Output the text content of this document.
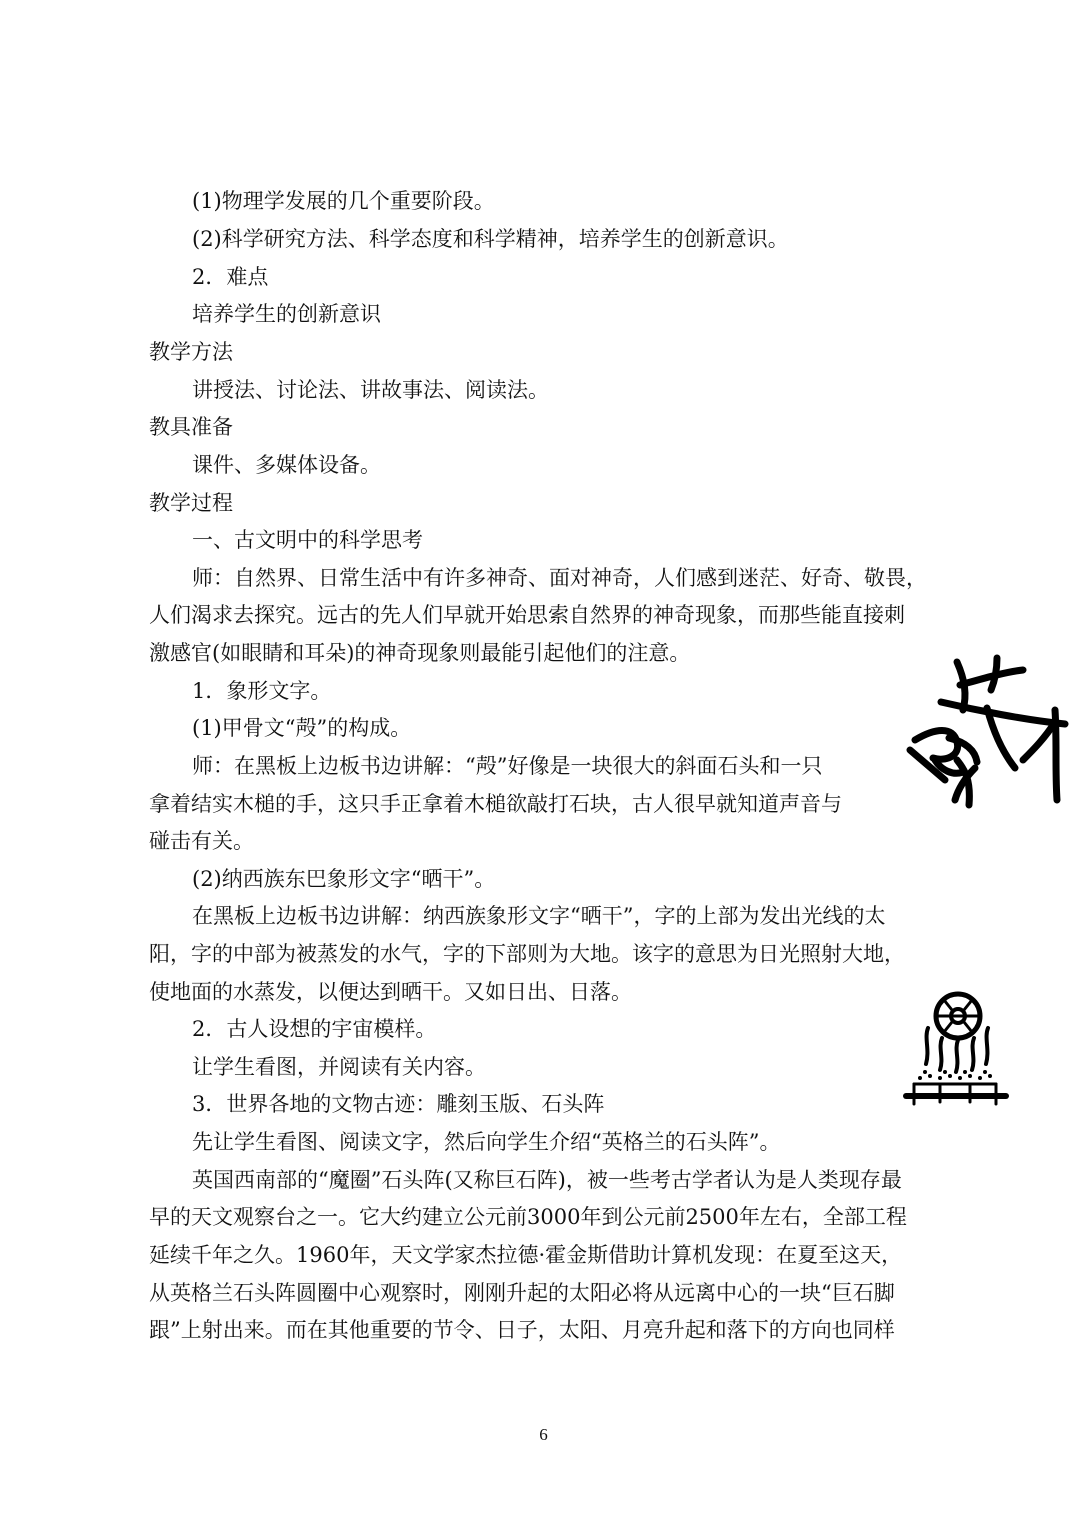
(1)物理学发展的几个重要阶段。
(2)科学研究方法、科学态度和科学精神，培养学生的创新意识。
2．难点
培养学生的创新意识
教学方法
讲授法、讨论法、讲故事法、阅读法。
教具准备
课件、多媒体设备。
教学过程
一、古文明中的科学思考
师：自然界、日常生活中有许多神奇、面对神奇，人们感到迷茫、好奇、敬畏，
人们渴求去探究。远古的先人们早就开始思索自然界的神奇现象，而那些能直接刺
激感官(如眼睛和耳朵)的神奇现象则最能引起他们的注意。
1．象形文字。
(1)甲骨文“殸”的构成。
师：在黑板上边板书边讲解：“殸”好像是一块很大的斜面石头和一只
拿着结实木槌的手，这只手正拿着木槌欲敲打石块，古人很早就知道声音与
碰击有关。
(2)纳西族东巴象形文字“晒干”。
在黑板上边板书边讲解：纳西族象形文字“晒干”，字的上部为发出光线的太
阳，字的中部为被蒸发的水气，字的下部则为大地。该字的意思为日光照射大地，
使地面的水蒸发，以便达到晒干。又如日出、日落。
2．古人设想的宇宙模样。
让学生看图，并阅读有关内容。
3．世界各地的文物古迹：雕刻玉版、石头阵
先让学生看图、阅读文字，然后向学生介绍“英格兰的石头阵”。
英国西南部的“魔圈”石头阵(又称巨石阵)，被一些考古学者认为是人类现存最
早的天文观察台之一。它大约建立公元前3000年到公元前2500年左右，全部工程
延续千年之久。1960年，天文学家杰拉德·霍金斯借助计算机发现：在夏至这天，
从英格兰石头阵圆圈中心观察时，刚刚升起的太阳必将从远离中心的一块“巨石脚
跟”上射出来。而在其他重要的节令、日子，太阳、月亮升起和落下的方向也同样
6
